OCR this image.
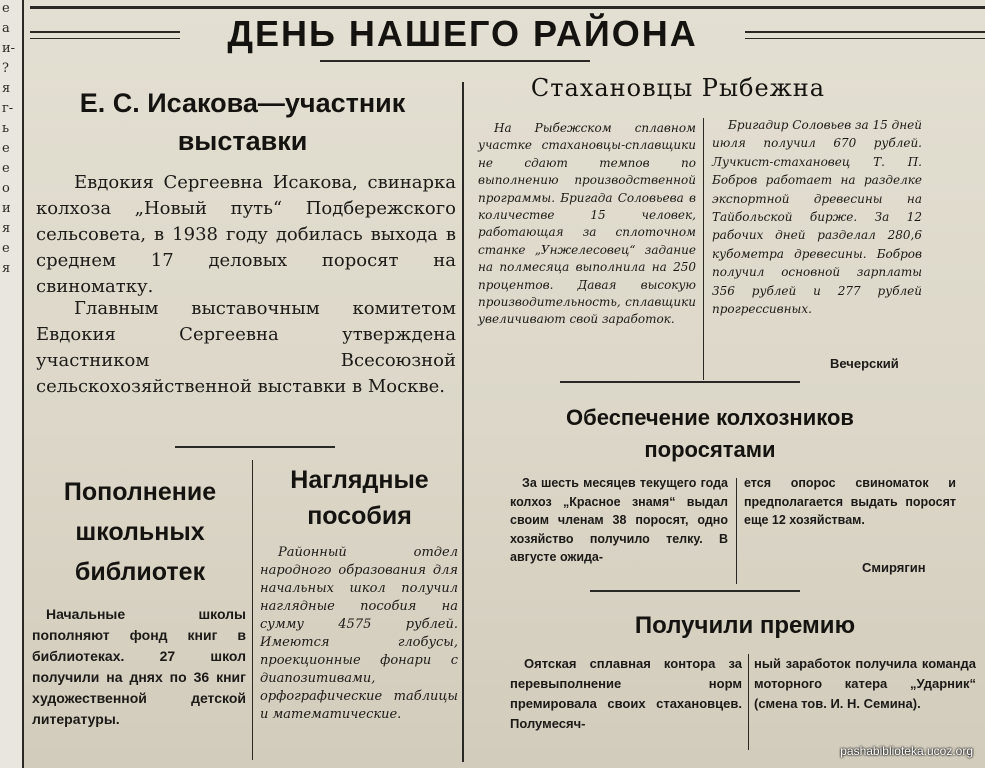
е
а
и-
?
я
г-
ь
е
е
о
и
я
е
я
ДЕНЬ НАШЕГО РАЙОНА
Е. С. Исакова—участник выставки

Евдокия Сергеевна Исакова, свинарка колхоза „Новый путь“ Подбережского сельсовета, в 1938 году добилась выхода в среднем 17 деловых поросят на свиноматку.

Главным выставочным комитетом Евдокия Сергеевна утверждена участником Всесоюзной сельскохозяйственной выставки в Москве.

Пополнение школьных библиотек

Начальные школы пополняют фонд книг в библиотеках. 27 школ получили на днях по 36 книг художественной детской литературы.

Наглядные пособия

Районный отдел народного образования для начальных школ получил наглядные пособия на сумму 4575 рублей. Имеются глобусы, проекционные фонари с диапозитивами, орфографические таблицы и математические.

Стахановцы Рыбежна

На Рыбежском сплавном участке стахановцы-сплавщики не сдают темпов по выполнению производственной программы. Бригада Соловьева в количестве 15 человек, работающая за сплоточном станке „Унжелесовец“ задание на полмесяца выполнила на 250 процентов. Давая высокую производительность, сплавщики увеличивают свой заработок.

Бригадир Соловьев за 15 дней июля получил 670 рублей. Лучкист-стахановец Т. П. Бобров работает на разделке экспортной древесины на Тайбольской бирже. За 12 рабочих дней разделал 280,6 кубометра древесины. Бобров получил основной зарплаты 356 рублей и 277 рублей прогрессивных.

Вечерский
Обеспечение колхозников поросятами

За шесть месяцев текущего года колхоз „Красное знамя“ выдал своим членам 38 поросят, одно хозяйство получило телку. В августе ожида-

ется опорос свиноматок и предполагается выдать поросят еще 12 хозяйствам.

Смирягин
Получили премию

Оятская сплавная контора за перевыполнение норм премировала своих стахановцев. Полумесяч-

ный заработок получила команда моторного катера „Ударник“ (смена тов. И. Н. Семина).

pashabiblioteka.ucoz.org
